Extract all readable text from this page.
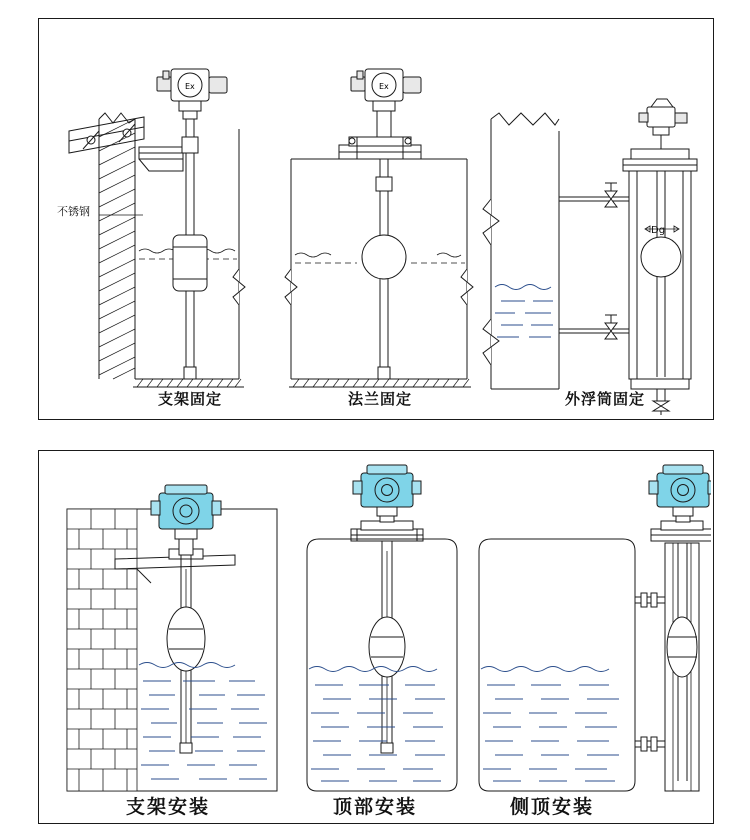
Ex	Ex
不锈钢
Dg
支架固定	法兰固定	外浮筒固定
支架安装	顶部安装	侧顶安装
